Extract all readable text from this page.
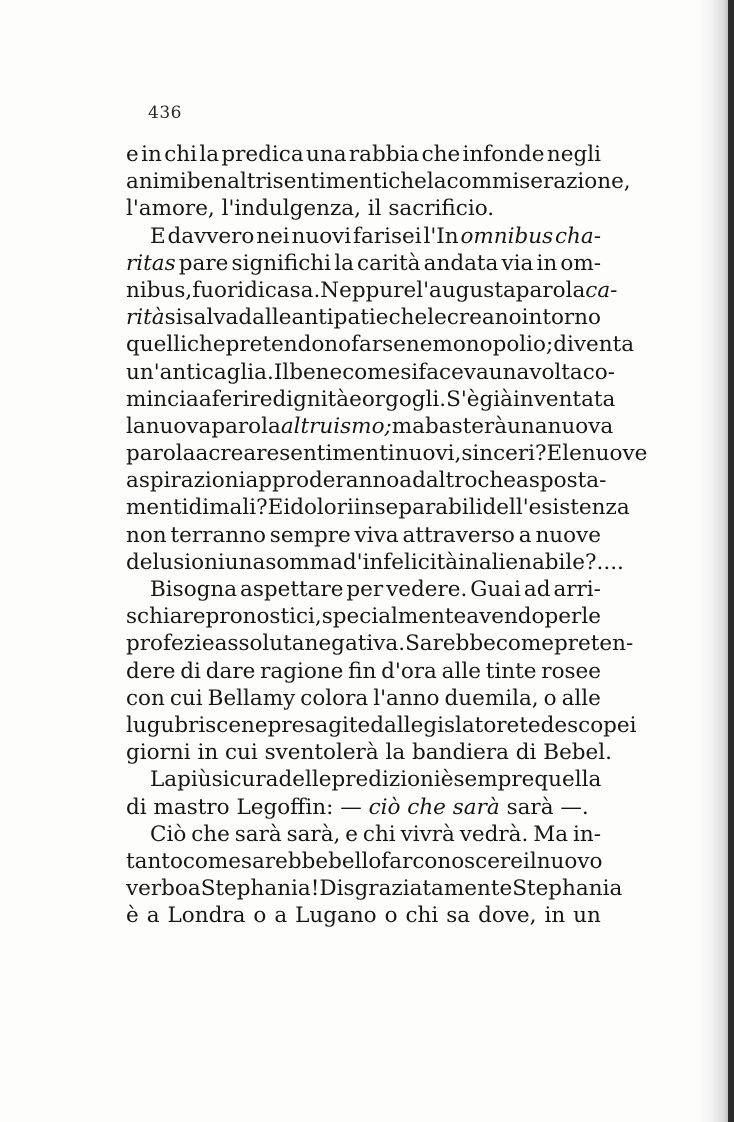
436
e in chi la predica una rabbia che infonde negli
animi ben altri sentimenti che la commiserazione,
l'amore,
l'indulgenza,
il
sacrificio.
E davvero nei nuovi farisei l'In omnibus cha-
ritas pare significhi la carità andata via in om-
nibus, fuori di casa. Neppure l'augusta parola ca-
rità si salva dalle antipatie che le creano intorno
quelli che pretendono farsene monopolio; diventa
un'anticaglia. Il bene come si faceva una volta co-
mincia a ferire dignità e orgogli. S'è già inventata
la nuova parola altruismo; ma basterà una nuova
parola a creare sentimenti nuovi, sinceri? E le nuove
aspirazioni approderanno ad altro che a sposta-
menti di mali? E i dolori inseparabili dell'esistenza
non terranno sempre viva attraverso a nuove
delusioni una somma d'infelicità inalienabile?....
Bisogna aspettare per vedere. Guai ad arri-
schiare pronostici, specialmente avendo per le
profezie assoluta negativa. Sarebbe come preten-
dere di dare ragione fin d'ora alle tinte rosee
con cui Bellamy colora l'anno duemila, o alle
lugubri scene presagite dal legislatore tedesco pei
giorni
in
cui
sventolerà
la
bandiera
di
Bebel.
La più sicura delle predizioni è sempre quella
di
mastro
Legoffin:
—
ciò
che
sarà
sarà
—.
Ciò che sarà sarà, e chi vivrà vedrà. Ma in-
tanto come sarebbe bello far conoscere il nuovo
verbo a Stephania! Disgraziatamente Stephania
è a Londra o a Lugano o chi sa dove, in un
